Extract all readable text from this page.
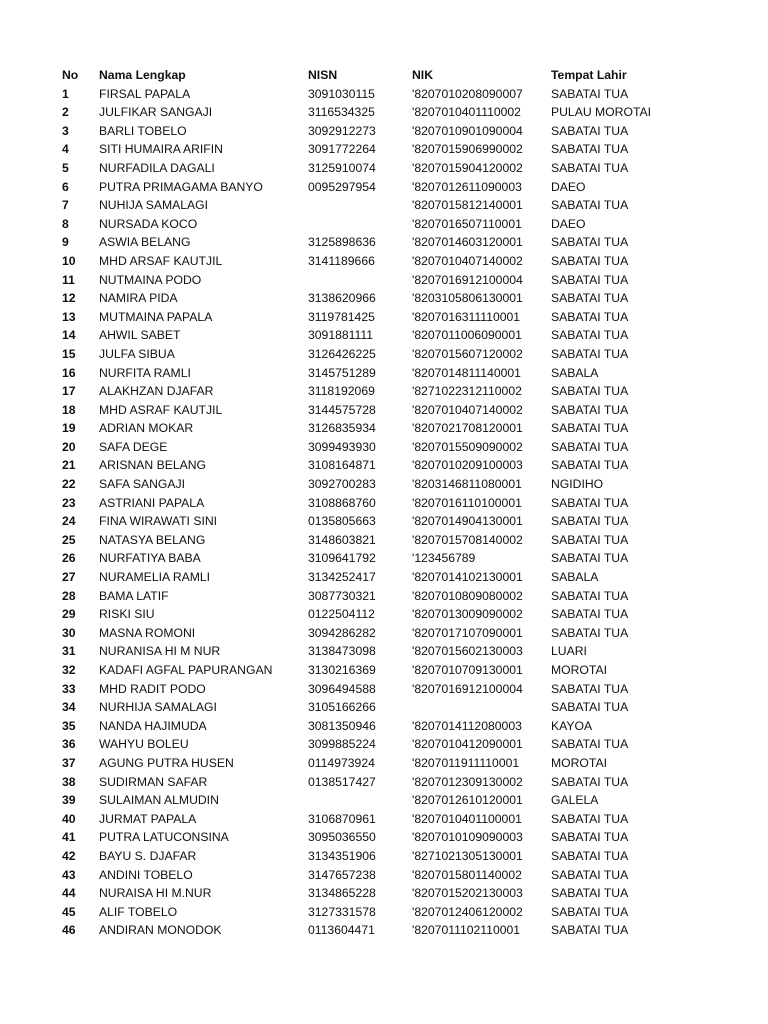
No	Nama Lengkap	NISN	NIK	Tempat Lahir
1	FIRSAL PAPALA	3091030115	'8207010208090007	SABATAI TUA
2	JULFIKAR SANGAJI	3116534325	'8207010401110002	PULAU MOROTAI
3	BARLI TOBELO	3092912273	'8207010901090004	SABATAI TUA
4	SITI HUMAIRA ARIFIN	3091772264	'8207015906990002	SABATAI TUA
5	NURFADILA DAGALI	3125910074	'8207015904120002	SABATAI TUA
6	PUTRA PRIMAGAMA BANYO	0095297954	'8207012611090003	DAEO
7	NUHIJA SAMALAGI		'8207015812140001	SABATAI TUA
8	NURSADA KOCO		'8207016507110001	DAEO
9	ASWIA BELANG	3125898636	'8207014603120001	SABATAI TUA
10	MHD ARSAF KAUTJIL	3141189666	'8207010407140002	SABATAI TUA
11	NUTMAINA PODO		'8207016912100004	SABATAI TUA
12	NAMIRA PIDA	3138620966	'8203105806130001	SABATAI TUA
13	MUTMAINA PAPALA	3119781425	'8207016311110001	SABATAI TUA
14	AHWIL SABET	3091881111	'8207011006090001	SABATAI TUA
15	JULFA SIBUA	3126426225	'8207015607120002	SABATAI TUA
16	NURFITA RAMLI	3145751289	'8207014811140001	SABALA
17	ALAKHZAN DJAFAR	3118192069	'8271022312110002	SABATAI TUA
18	MHD ASRAF KAUTJIL	3144575728	'8207010407140002	SABATAI TUA
19	ADRIAN MOKAR	3126835934	'8207021708120001	SABATAI TUA
20	SAFA DEGE	3099493930	'8207015509090002	SABATAI TUA
21	ARISNAN BELANG	3108164871	'8207010209100003	SABATAI TUA
22	SAFA SANGAJI	3092700283	'8203146811080001	NGIDIHO
23	ASTRIANI PAPALA	3108868760	'8207016110100001	SABATAI TUA
24	FINA WIRAWATI SINI	0135805663	'8207014904130001	SABATAI TUA
25	NATASYA BELANG	3148603821	'8207015708140002	SABATAI TUA
26	NURFATIYA BABA	3109641792	'123456789	SABATAI TUA
27	NURAMELIA RAMLI	3134252417	'8207014102130001	SABALA
28	BAMA LATIF	3087730321	'8207010809080002	SABATAI TUA
29	RISKI SIU	0122504112	'8207013009090002	SABATAI TUA
30	MASNA ROMONI	3094286282	'8207017107090001	SABATAI TUA
31	NURANISA HI M NUR	3138473098	'8207015602130003	LUARI
32	KADAFI AGFAL PAPURANGAN	3130216369	'8207010709130001	MOROTAI
33	MHD RADIT PODO	3096494588	'8207016912100004	SABATAI TUA
34	NURHIJA SAMALAGI	3105166266		SABATAI TUA
35	NANDA HAJIMUDA	3081350946	'8207014112080003	KAYOA
36	WAHYU BOLEU	3099885224	'8207010412090001	SABATAI TUA
37	AGUNG PUTRA HUSEN	0114973924	'8207011911110001	MOROTAI
38	SUDIRMAN SAFAR	0138517427	'8207012309130002	SABATAI TUA
39	SULAIMAN ALMUDIN		'8207012610120001	GALELA
40	JURMAT PAPALA	3106870961	'8207010401100001	SABATAI TUA
41	PUTRA LATUCONSINA	3095036550	'8207010109090003	SABATAI TUA
42	BAYU S. DJAFAR	3134351906	'8271021305130001	SABATAI TUA
43	ANDINI TOBELO	3147657238	'8207015801140002	SABATAI TUA
44	NURAISA HI M.NUR	3134865228	'8207015202130003	SABATAI TUA
45	ALIF TOBELO	3127331578	'8207012406120002	SABATAI TUA
46	ANDIRAN MONODOK	0113604471	'8207011102110001	SABATAI TUA
